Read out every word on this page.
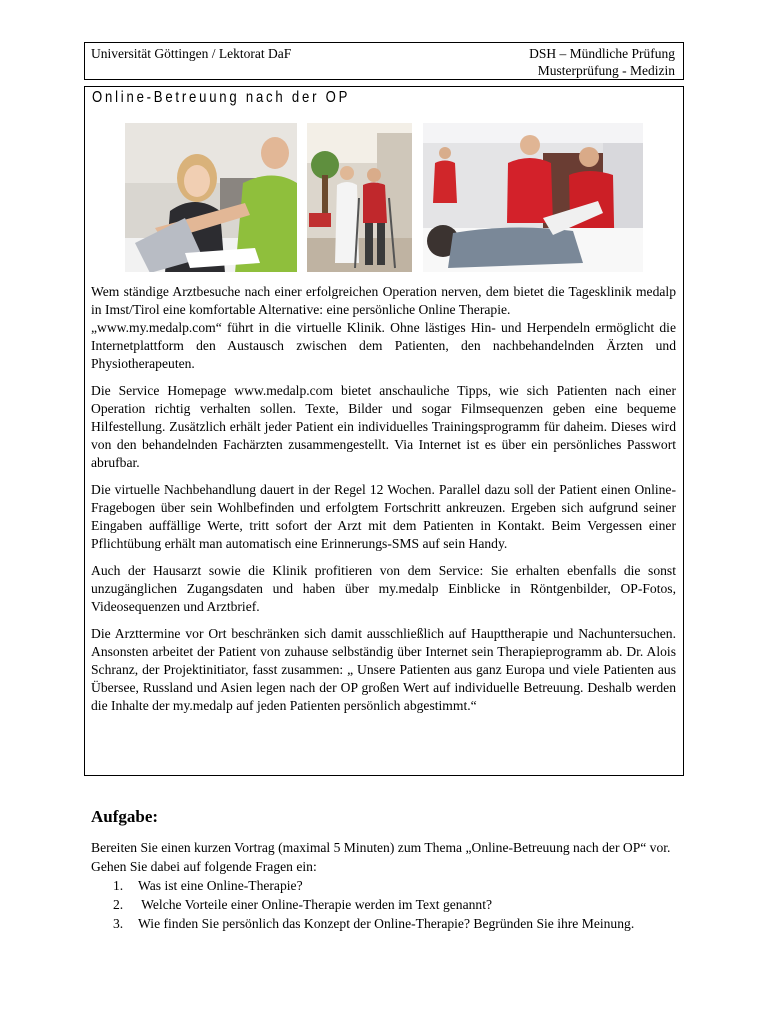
Universität Göttingen / Lektorat DaF	DSH – Mündliche Prüfung
Musterprüfung - Medizin
Online-Betreuung nach der OP

Wem ständige Arztbesuche nach einer erfolgreichen Operation nerven, dem bietet die Tagesklinik medalp in Imst/Tirol eine komfortable Alternative: eine persönliche Online Therapie.

„www.my.medalp.com“ führt in die virtuelle Klinik. Ohne lästiges Hin- und Herpendeln ermöglicht die Internetplattform den Austausch zwischen dem Patienten, den nachbehandelnden Ärzten und Physiotherapeuten.

Die Service Homepage www.medalp.com bietet anschauliche Tipps, wie sich Patienten nach einer Operation richtig verhalten sollen. Texte, Bilder und sogar Filmsequenzen geben eine bequeme Hilfestellung. Zusätzlich erhält jeder Patient ein individuelles Trainingsprogramm für daheim. Dieses wird von den behandelnden Fachärzten zusammengestellt. Via Internet ist es über ein persönliches Passwort abrufbar.

Die virtuelle Nachbehandlung dauert in der Regel 12 Wochen. Parallel dazu soll der Patient einen Online-Fragebogen über sein Wohlbefinden und erfolgtem Fortschritt ankreuzen. Ergeben sich aufgrund seiner Eingaben auffällige Werte, tritt sofort der Arzt mit dem Patienten in Kontakt. Beim Vergessen einer Pflichtübung erhält man automatisch eine Erinnerungs-SMS auf sein Handy.

Auch der Hausarzt sowie die Klinik profitieren von dem Service: Sie erhalten ebenfalls die sonst unzugänglichen Zugangsdaten und haben über my.medalp Einblicke in Röntgenbilder, OP-Fotos, Videosequenzen und Arztbrief.

Die Arzttermine vor Ort beschränken sich damit ausschließlich auf Haupttherapie und Nachuntersuchen. Ansonsten arbeitet der Patient von zuhause selbständig über Internet sein Therapieprogramm ab. Dr. Alois Schranz, der Projektinitiator, fasst zusammen: „ Unsere Patienten aus ganz Europa und viele Patienten aus Übersee, Russland und Asien legen nach der OP großen Wert auf individuelle Betreuung. Deshalb werden die Inhalte der my.medalp auf jeden Patienten persönlich abgestimmt.“

Aufgabe:

Bereiten Sie einen kurzen Vortrag (maximal 5 Minuten) zum Thema „Online-Betreuung nach der OP“ vor. Gehen Sie dabei auf folgende Fragen ein:

1. Was ist eine Online-Therapie?
2. Welche Vorteile einer Online-Therapie werden im Text genannt?
3. Wie finden Sie persönlich das Konzept der Online-Therapie? Begründen Sie ihre Meinung.
